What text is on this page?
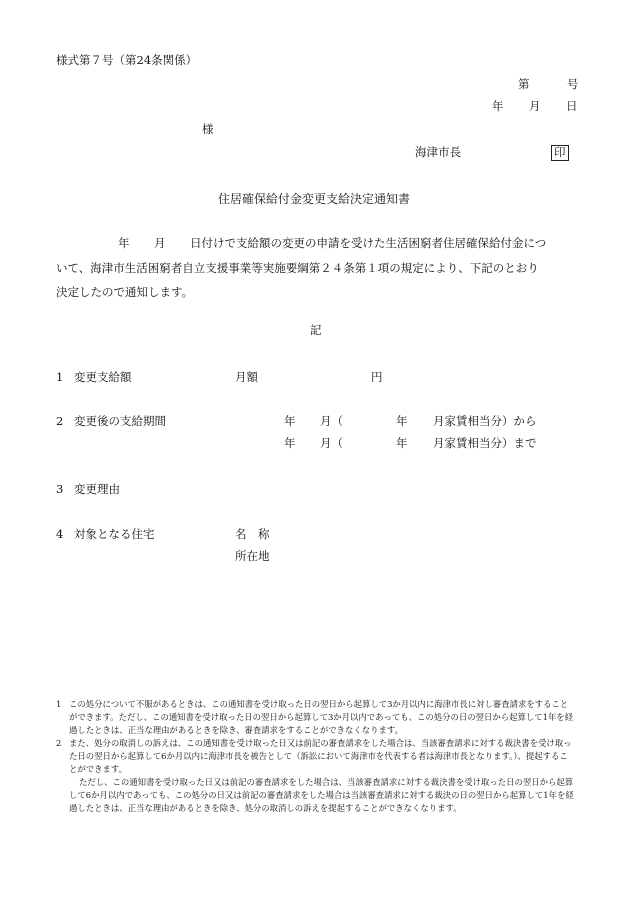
様式第７号（第24条関係）
第	号
年 月 日
様
海津市長	印
住居確保給付金変更支給決定通知書
年 月 日付けで支給額の変更の申請を受けた生活困窮者住居確保給付金につ
いて、海津市生活困窮者自立支援事業等実施要綱第２４条第１項の規定により、下記のとおり
決定したので通知します。
記
1 変更支給額	月額	円
2 変更後の支給期間	年 月（	年 月家賃相当分）から
年 月（	年 月家賃相当分）まで
3 変更理由
4 対象となる住宅	名　称
所在地
1 この処分について不服があるときは、この通知書を受け取った日の翌日から起算して3か月以内に海津市長に対し審査請求をすることができます。ただし、この通知書を受け取った日の翌日から起算して3か月以内であっても、この処分の日の翌日から起算して1年を経過したときは、正当な理由があるときを除き、審査請求をすることができなくなります。
2 また、処分の取消しの訴えは、この通知書を受け取った日又は前記の審査請求をした場合は、当該審査請求に対する裁決書を受け取った日の翌日から起算して6か月以内に海津市長を被告として（訴訟において海津市を代表する者は海津市長となります。）、提起することができます。
ただし、この通知書を受け取った日又は前記の審査請求をした場合は、当該審査請求に対する裁決書を受け取った日の翌日から起算して6か月以内であっても、この処分の日又は前記の審査請求をした場合は当該審査請求に対する裁決の日の翌日から起算して1年を経過したときは、正当な理由があるときを除き、処分の取消しの訴えを提起することができなくなります。
